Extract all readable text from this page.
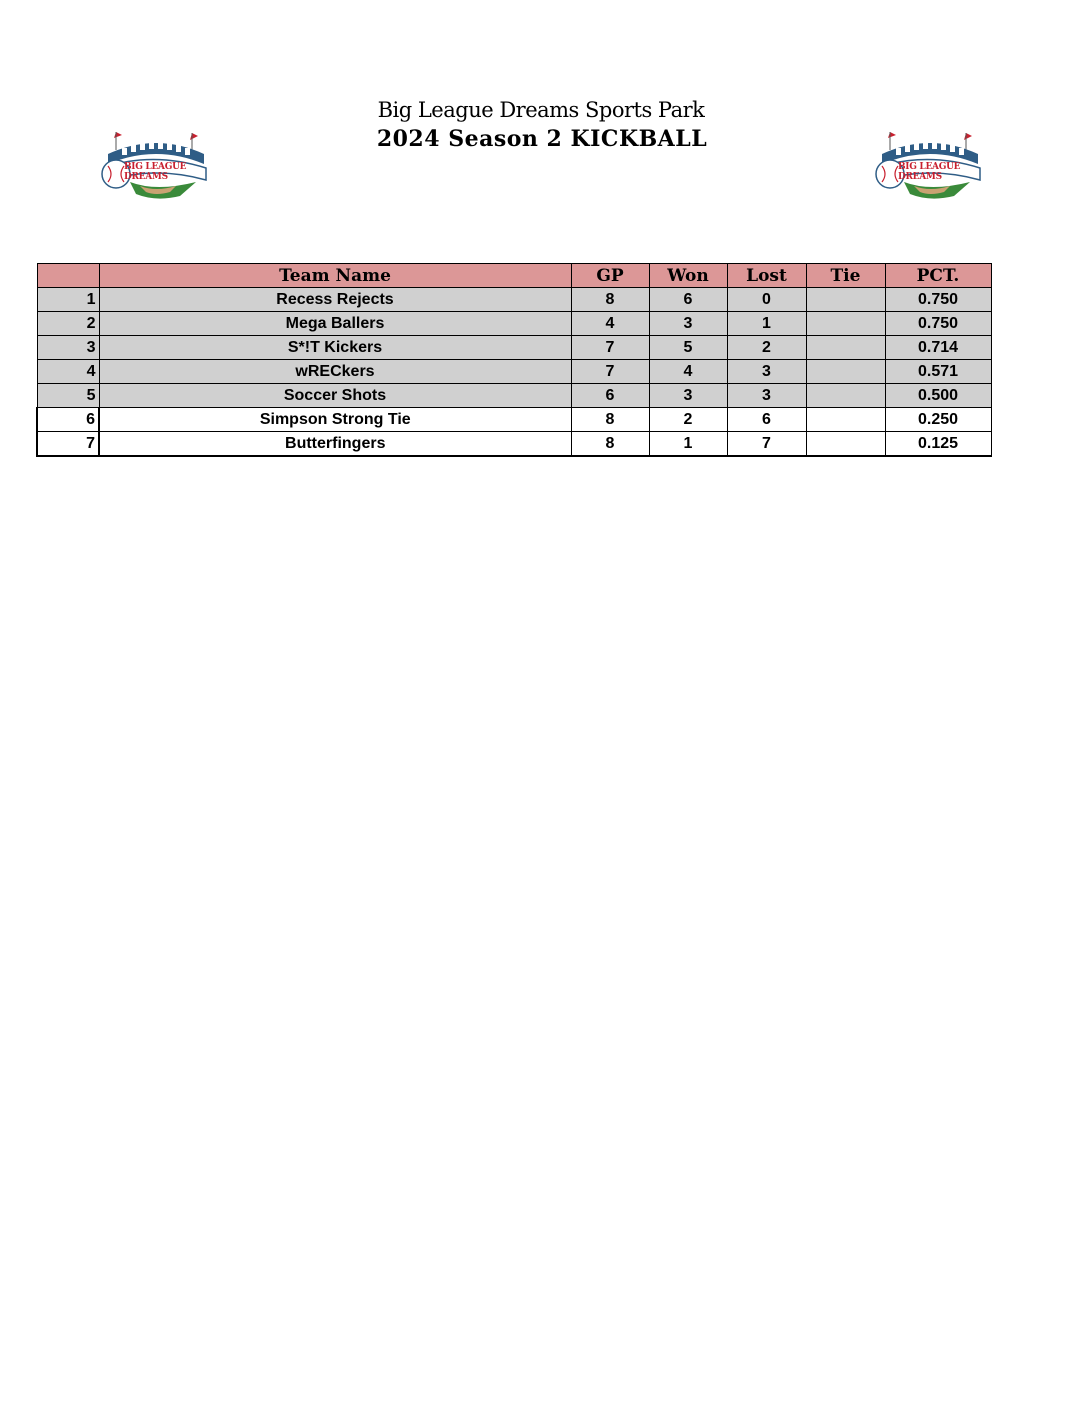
Big League Dreams Sports Park
2024 Season 2 KICKBALL
BIG LEAGUE DREAMS
BIG LEAGUE DREAMS
	Team Name	GP	Won	Lost	Tie	PCT.
1	Recess Rejects	8	6	0		0.750
2	Mega Ballers	4	3	1		0.750
3	S*!T Kickers	7	5	2		0.714
4	wRECkers	7	4	3		0.571
5	Soccer Shots	6	3	3		0.500
6	Simpson Strong Tie	8	2	6		0.250
7	Butterfingers	8	1	7		0.125
